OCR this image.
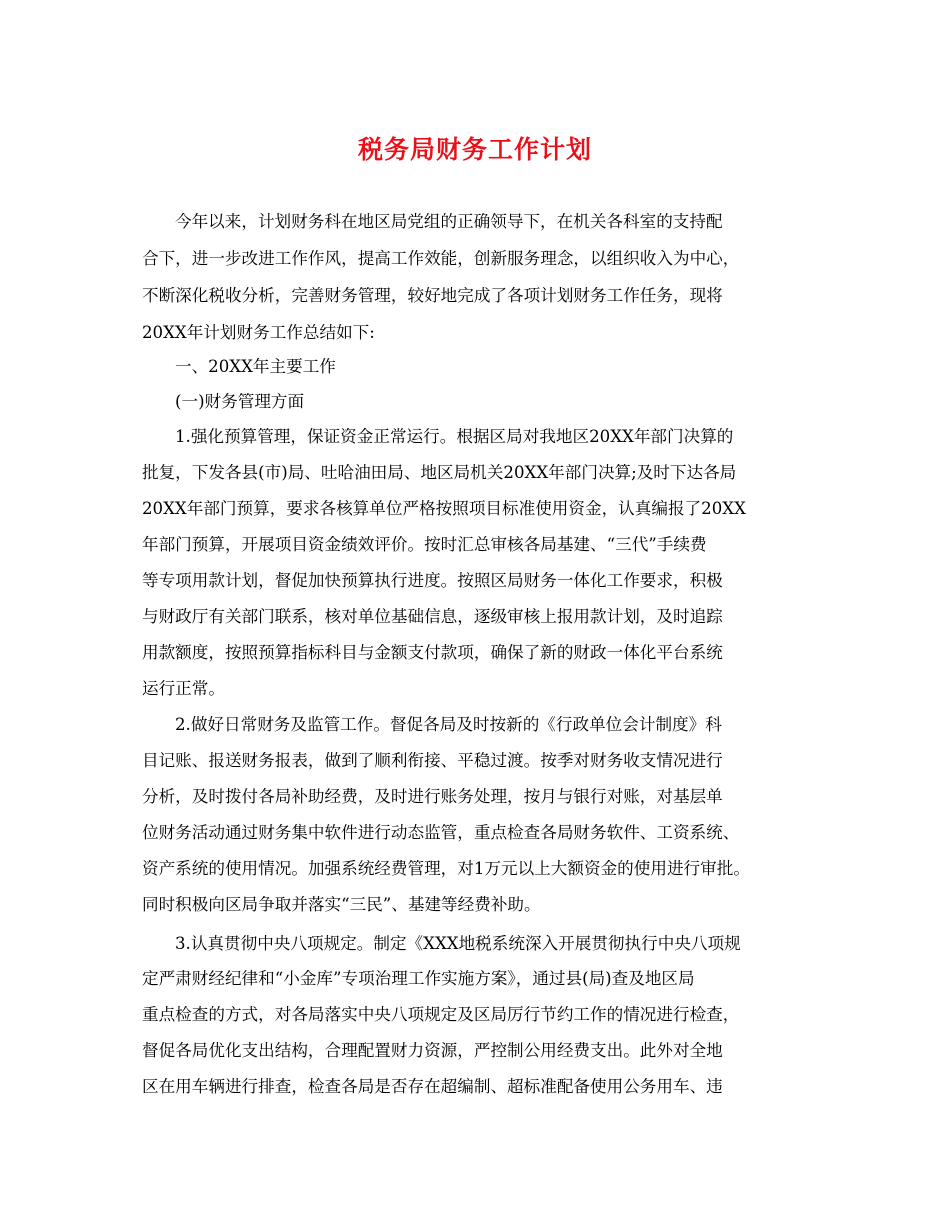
税务局财务工作计划
今年以来，计划财务科在地区局党组的正确领导下，在机关各科室的支持配
合下，进一步改进工作作风，提高工作效能，创新服务理念，以组织收入为中心，
不断深化税收分析，完善财务管理，较好地完成了各项计划财务工作任务，现将
20XX年计划财务工作总结如下:
一、20XX年主要工作
(一)财务管理方面
1.强化预算管理，保证资金正常运行。根据区局对我地区20XX年部门决算的
批复，下发各县(市)局、吐哈油田局、地区局机关20XX年部门决算;及时下达各局
20XX年部门预算，要求各核算单位严格按照项目标准使用资金，认真编报了20XX
年部门预算，开展项目资金绩效评价。按时汇总审核各局基建、“三代”手续费
等专项用款计划，督促加快预算执行进度。按照区局财务一体化工作要求，积极
与财政厅有关部门联系，核对单位基础信息，逐级审核上报用款计划，及时追踪
用款额度，按照预算指标科目与金额支付款项，确保了新的财政一体化平台系统
运行正常。
2.做好日常财务及监管工作。督促各局及时按新的《行政单位会计制度》科
目记账、报送财务报表，做到了顺利衔接、平稳过渡。按季对财务收支情况进行
分析，及时拨付各局补助经费，及时进行账务处理，按月与银行对账，对基层单
位财务活动通过财务集中软件进行动态监管，重点检查各局财务软件、工资系统、
资产系统的使用情况。加强系统经费管理，对1万元以上大额资金的使用进行审批。
同时积极向区局争取并落实“三民”、基建等经费补助。
3.认真贯彻中央八项规定。制定《XXX地税系统深入开展贯彻执行中央八项规
定严肃财经纪律和“小金库”专项治理工作实施方案》，通过县(局)查及地区局
重点检查的方式，对各局落实中央八项规定及区局厉行节约工作的情况进行检查，
督促各局优化支出结构，合理配置财力资源，严控制公用经费支出。此外对全地
区在用车辆进行排查，检查各局是否存在超编制、超标准配备使用公务用车、违
